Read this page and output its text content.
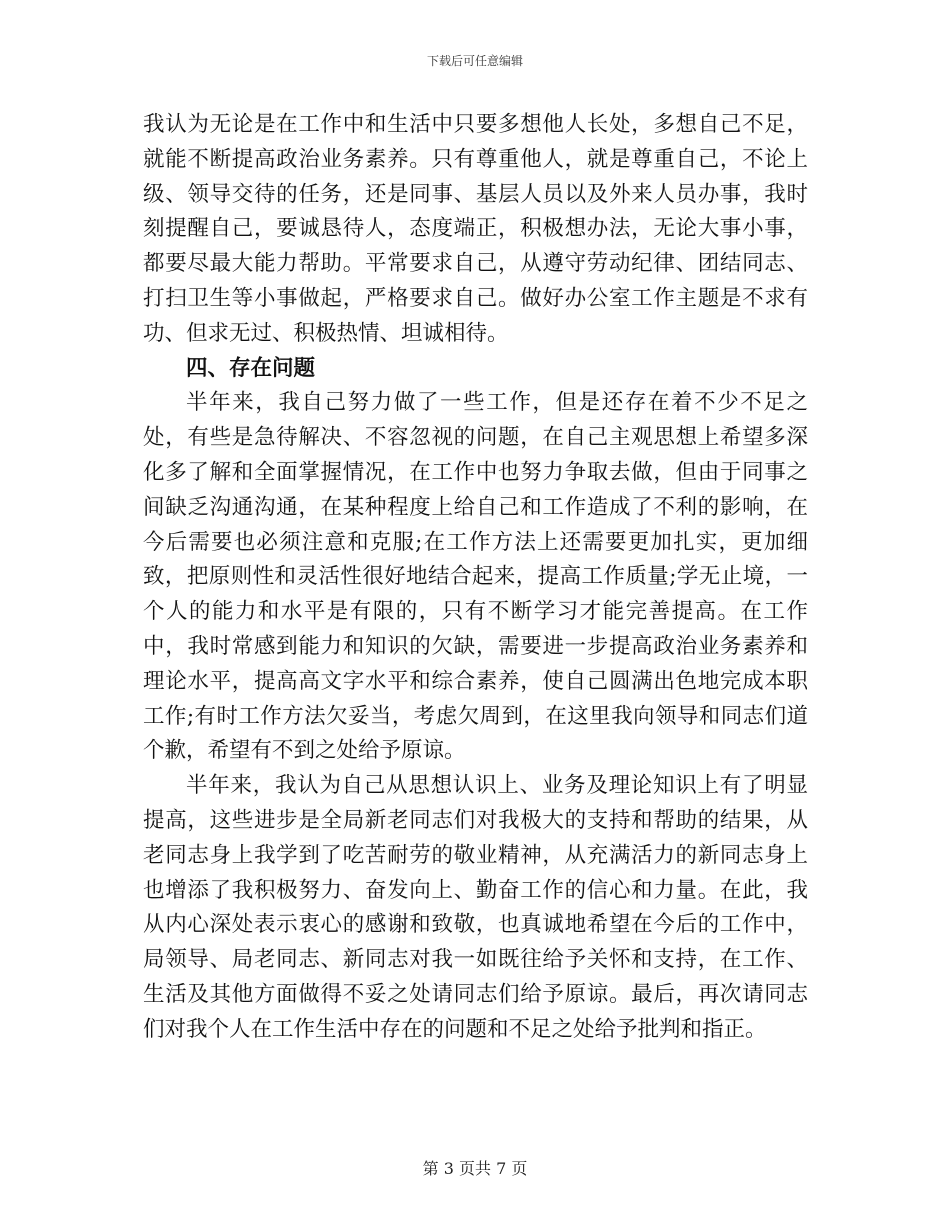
下载后可任意编辑

我认为无论是在工作中和生活中只要多想他人长处，多想自己不足，就能不断提高政治业务素养。只有尊重他人，就是尊重自己，不论上级、领导交待的任务，还是同事、基层人员以及外来人员办事，我时刻提醒自己，要诚恳待人，态度端正，积极想办法，无论大事小事，都要尽最大能力帮助。平常要求自己，从遵守劳动纪律、团结同志、打扫卫生等小事做起，严格要求自己。做好办公室工作主题是不求有功、但求无过、积极热情、坦诚相待。

四、存在问题

半年来，我自己努力做了一些工作，但是还存在着不少不足之处，有些是急待解决、不容忽视的问题，在自己主观思想上希望多深化多了解和全面掌握情况，在工作中也努力争取去做，但由于同事之间缺乏沟通沟通，在某种程度上给自己和工作造成了不利的影响，在今后需要也必须注意和克服;在工作方法上还需要更加扎实，更加细致，把原则性和灵活性很好地结合起来，提高工作质量;学无止境，一个人的能力和水平是有限的，只有不断学习才能完善提高。在工作中，我时常感到能力和知识的欠缺，需要进一步提高政治业务素养和理论水平，提高高文字水平和综合素养，使自己圆满出色地完成本职工作;有时工作方法欠妥当，考虑欠周到，在这里我向领导和同志们道个歉，希望有不到之处给予原谅。

半年来，我认为自己从思想认识上、业务及理论知识上有了明显提高，这些进步是全局新老同志们对我极大的支持和帮助的结果，从老同志身上我学到了吃苦耐劳的敬业精神，从充满活力的新同志身上也增添了我积极努力、奋发向上、勤奋工作的信心和力量。在此，我从内心深处表示衷心的感谢和致敬，也真诚地希望在今后的工作中，局领导、局老同志、新同志对我一如既往给予关怀和支持，在工作、生活及其他方面做得不妥之处请同志们给予原谅。最后，再次请同志们对我个人在工作生活中存在的问题和不足之处给予批判和指正。

第 3 页共 7 页
